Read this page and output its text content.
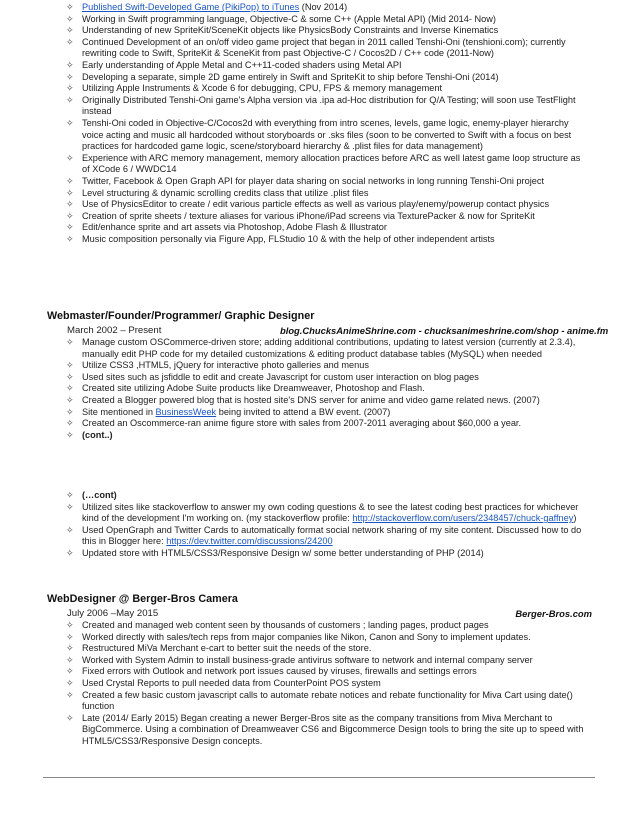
✧ Published Swift-Developed Game (PikiPop) to iTunes (Nov 2014)
✧ Working in Swift programming language, Objective-C & some C++ (Apple Metal API) (Mid 2014- Now)
✧ Understanding of new SpriteKit/SceneKit objects like PhysicsBody Constraints and Inverse Kinematics
✧ Continued Development of an on/off video game project that began in 2011 called Tenshi-Oni (tenshioni.com); currently rewriting code to Swift, SpriteKit & SceneKit from past Objective-C / Cocos2D / C++ code (2011-Now)
✧ Early understanding of Apple Metal and C++11-coded shaders using Metal API
✧ Developing a separate, simple 2D game entirely in Swift and SpriteKit to ship before Tenshi-Oni (2014)
✧ Utilizing Apple Instruments & Xcode 6 for debugging, CPU, FPS & memory management
✧ Originally Distributed Tenshi-Oni game's Alpha version via .ipa ad-Hoc distribution for Q/A Testing; will soon use TestFlight instead
✧ Tenshi-Oni coded in Objective-C/Cocos2d with everything from intro scenes, levels, game logic, enemy-player hierarchy voice acting and music all hardcoded without storyboards or .sks files (soon to be converted to Swift with a focus on best practices for hardcoded game logic, scene/storyboard hierarchy & .plist files for data management)
✧ Experience with ARC memory management, memory allocation practices before ARC as well latest game loop structure as of XCode 6 / WWDC14
✧ Twitter, Facebook & Open Graph API for player data sharing on social networks in long running Tenshi-Oni project
✧ Level structuring & dynamic scrolling credits class that utilize .plist files
✧ Use of PhysicsEditor to create / edit various particle effects as well as various play/enemy/powerup contact physics
✧ Creation of sprite sheets / texture aliases for various iPhone/iPad screens via TexturePacker & now for SpriteKit
✧ Edit/enhance sprite and art assets via Photoshop, Adobe Flash & Illustrator
✧ Music composition personally via Figure App, FLStudio 10 & with the help of other independent artists
Webmaster/Founder/Programmer/ Graphic Designer
March 2002 – Present	blog.ChucksAnimeShrine.com - chucksanimeshrine.com/shop - anime.fm
✧ Manage custom OSCommerce-driven store; adding additional contributions, updating to latest version (currently at 2.3.4), manually edit PHP code for my detailed customizations & editing product database tables (MySQL) when needed
✧ Utilize CSS3 ,HTML5, jQuery for interactive photo galleries and menus
✧ Used sites such as jsfiddle to edit and create Javascript for custom user interaction on blog pages
✧ Created site utilizing Adobe Suite products like Dreamweaver, Photoshop and Flash.
✧ Created a Blogger powered blog that is hosted site's DNS server for anime and video game related news. (2007)
✧ Site mentioned in BusinessWeek being invited to attend a BW event. (2007)
✧ Created an Oscommerce-ran anime figure store with sales from 2007-2011 averaging about $60,000 a year.
✧ (cont..)
✧ (…cont)
✧ Utilized sites like stackoverflow to answer my own coding questions & to see the latest coding best practices for whichever kind of the development I'm working on. (my stackoverflow profile: http://stackoverflow.com/users/2348457/chuck-gaffney)
✧ Used OpenGraph and Twitter Cards to automatically format social network sharing of my site content. Discussed how to do this in Blogger here: https://dev.twitter.com/discussions/24200
✧ Updated store with HTML5/CSS3/Responsive Design w/ some better understanding of PHP (2014)
WebDesigner @ Berger-Bros Camera
July 2006 –May 2015	Berger-Bros.com
✧ Created and managed web content seen by thousands of customers ; landing pages, product pages
✧ Worked directly with sales/tech reps from major companies like Nikon, Canon and Sony to implement updates.
✧ Restructured MiVa Merchant e-cart to better suit the needs of the store.
✧ Worked with System Admin to install business-grade antivirus software to network and internal company server
✧ Fixed errors with Outlook and network port issues caused by viruses, firewalls and settings errors
✧ Used Crystal Reports to pull needed data from CounterPoint POS system
✧ Created a few basic custom javascript calls to automate rebate notices and rebate functionality for Miva Cart using date() function
✧ Late (2014/ Early 2015) Began creating a newer Berger-Bros site as the company transitions from Miva Merchant to BigCommerce. Using a combination of Dreamweaver CS6 and Bigcommerce Design tools to bring the site up to speed with HTML5/CSS3/Responsive Design concepts.
